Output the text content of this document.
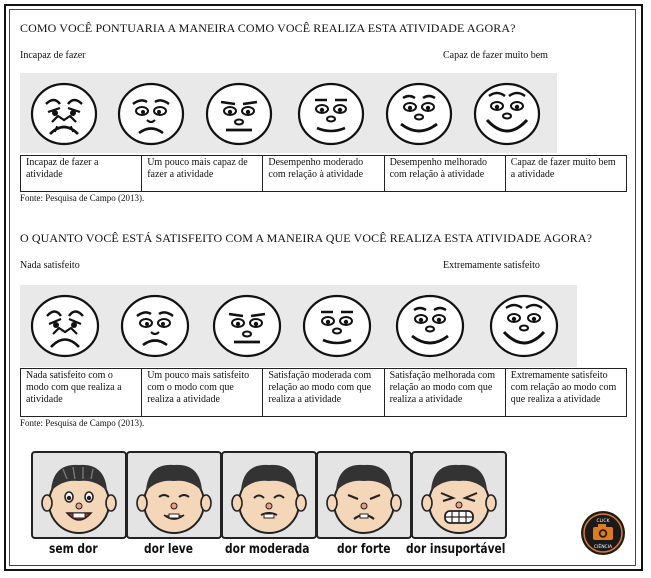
COMO VOCÊ PONTUARIA A MANEIRA COMO VOCÊ REALIZA ESTA ATIVIDADE AGORA?
Incapaz de fazer	Capaz de fazer muito bem
Incapaz de fazer a atividade	Um pouco mais capaz de fazer a atividade	Desempenho moderado com relação à atividade	Desempenho melhorado com relação à atividade	Capaz de fazer muito bem a atividade
Fonte: Pesquisa de Campo (2013).
O QUANTO VOCÊ ESTÁ SATISFEITO COM A MANEIRA QUE VOCÊ REALIZA ESTA ATIVIDADE AGORA?
Nada satisfeito	Extremamente satisfeito
Nada satisfeito com o modo com que realiza a atividade	Um pouco mais satisfeito com o modo com que realiza a atividade	Satisfação moderada com relação ao modo com que realiza a atividade	Satisfação melhorada com relação ao modo com que realiza a atividade	Extremamente satisfeito com relação ao modo com que realiza a atividade
Fonte: Pesquisa de Campo (2013).
sem dor	dor leve dor moderada dor forte dor insuportável
CLICK
CIÊNCIA
